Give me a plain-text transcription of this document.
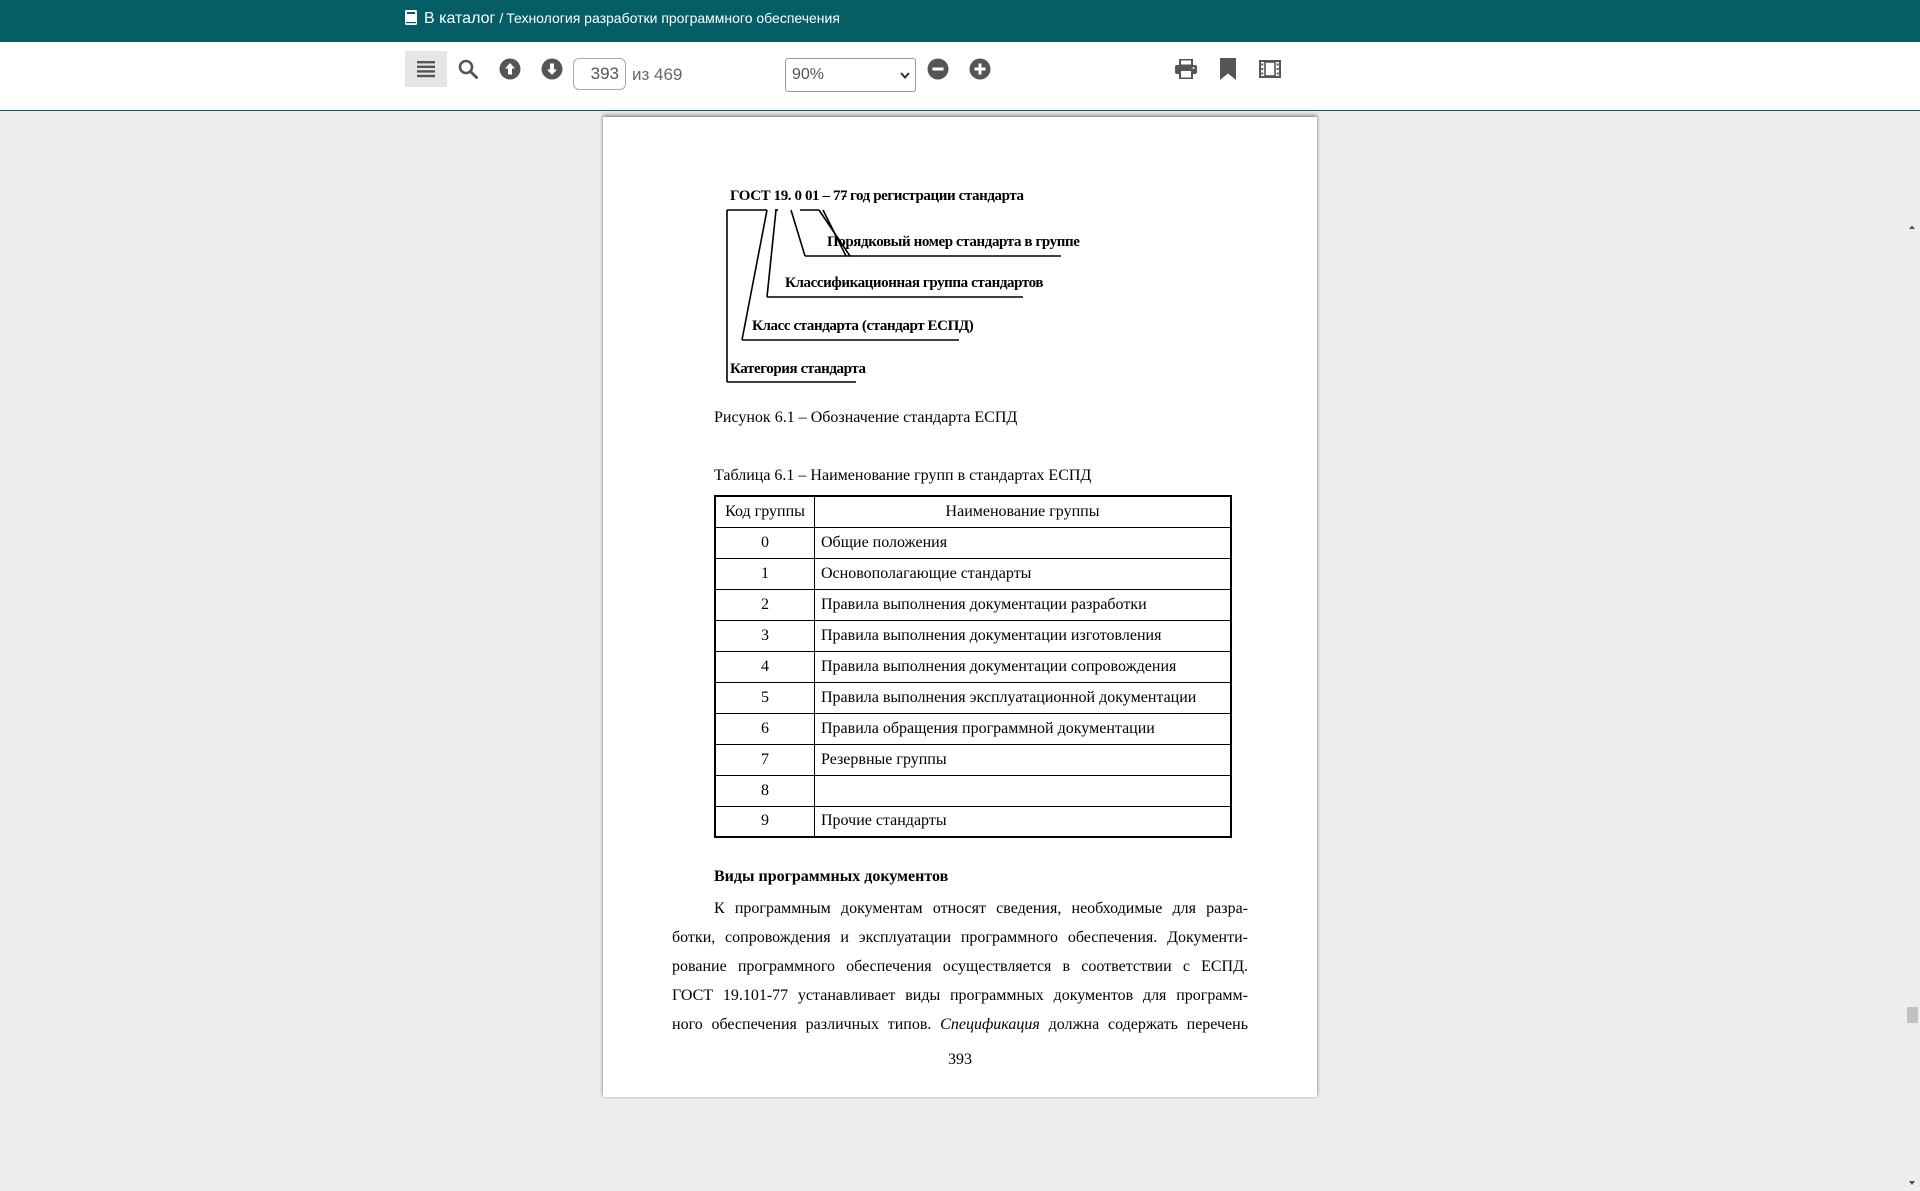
В каталог / Технология разработки программного обеспечения
393
из 469	90%
ГОСТ 19. 0 01 – 77
- год регистрации стандарта
Порядковый номер стандарта в группе
Классификационная группа стандартов
Класс стандарта (стандарт ЕСПД)
Категория стандарта
Рисунок 6.1 – Обозначение стандарта ЕСПД
Таблица 6.1 – Наименование групп в стандартах ЕСПД
Код группы	Наименование группы
0	Общие положения
1	Основополагающие стандарты
2	Правила выполнения документации разработки
3	Правила выполнения документации изготовления
4	Правила выполнения документации сопровождения
5	Правила выполнения эксплуатационной документации
6	Правила обращения программной документации
7	Резервные группы
8	
9	Прочие стандарты
Виды программных документов
К программным документам относят сведения, необходимые для разра-
ботки, сопровождения и эксплуатации программного обеспечения. Документи-
рование программного обеспечения осуществляется в соответствии с ЕСПД.
ГОСТ 19.101-77 устанавливает виды программных документов для программ-
ного обеспечения различных типов. Спецификация должна содержать перечень
393
